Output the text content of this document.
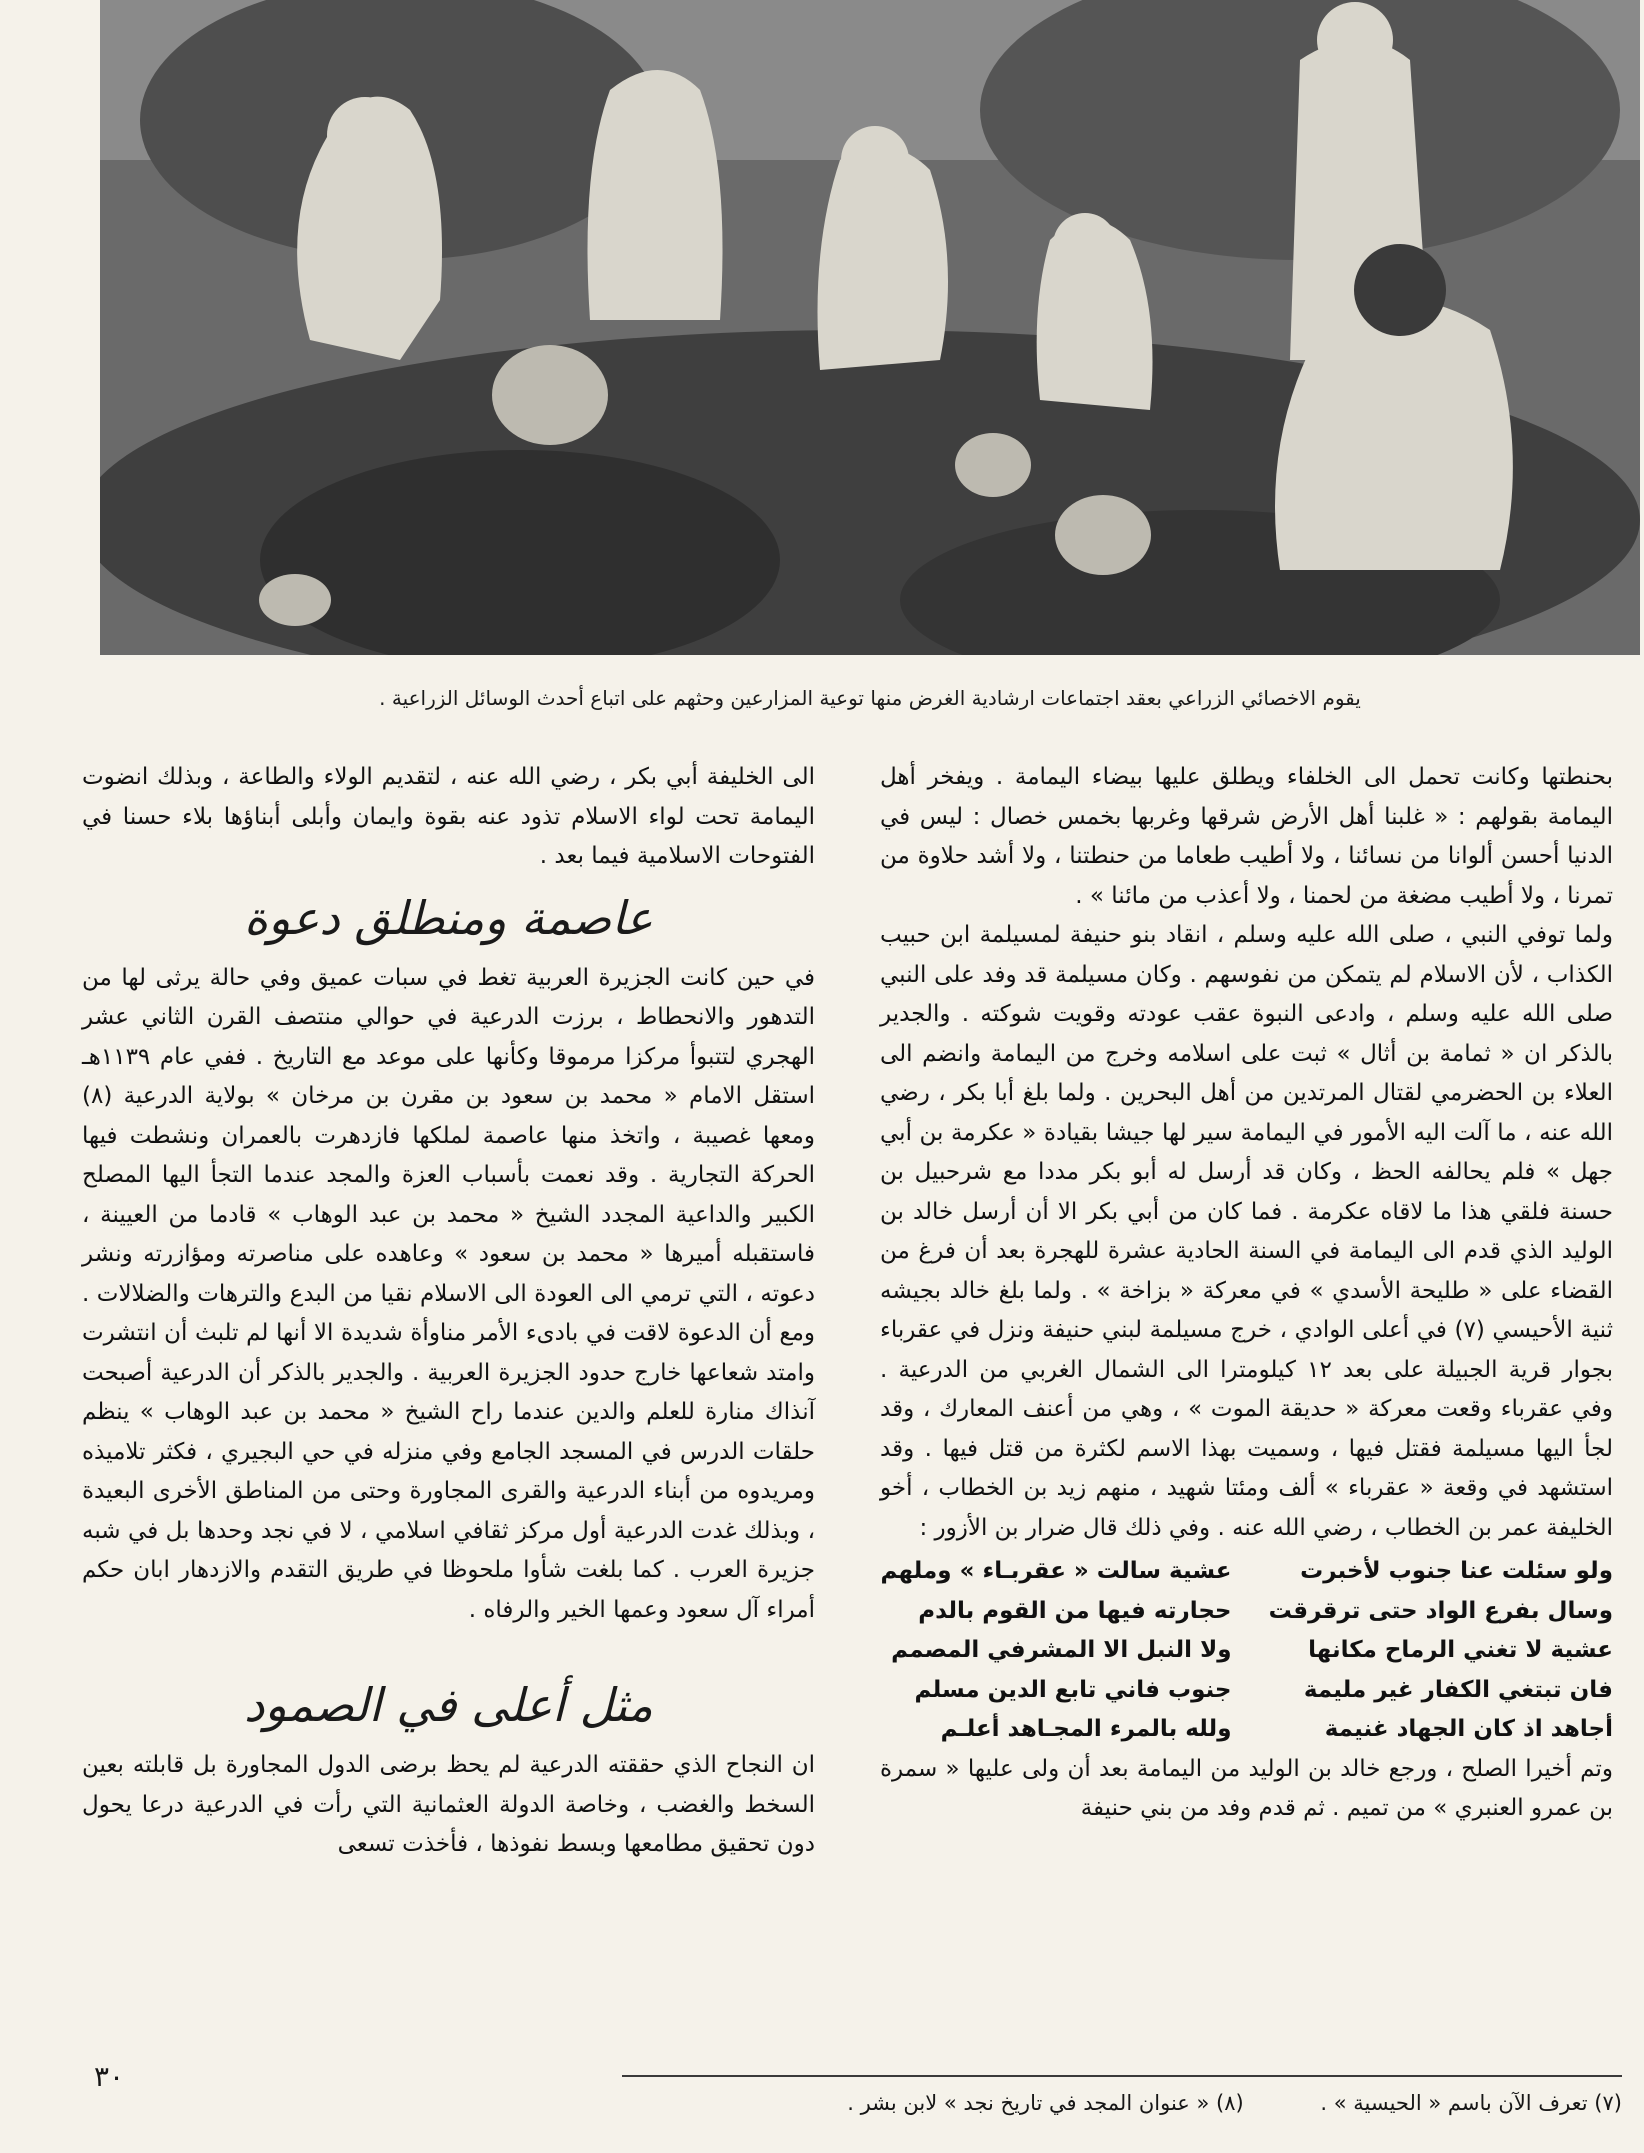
يقوم الاخصائي الزراعي بعقد اجتماعات ارشادية الغرض منها توعية المزارعين وحثهم على اتباع أحدث الوسائل الزراعية .

بحنطتها وكانت تحمل الى الخلفاء ويطلق عليها بيضاء اليمامة . ويفخر أهل اليمامة بقولهم : « غلبنا أهل الأرض شرقها وغربها بخمس خصال : ليس في الدنيا أحسن ألوانا من نسائنا ، ولا أطيب طعاما من حنطتنا ، ولا أشد حلاوة من تمرنا ، ولا أطيب مضغة من لحمنا ، ولا أعذب من مائنا » .

ولما توفي النبي ، صلى الله عليه وسلم ، انقاد بنو حنيفة لمسيلمة ابن حبيب الكذاب ، لأن الاسلام لم يتمكن من نفوسهم . وكان مسيلمة قد وفد على النبي صلى الله عليه وسلم ، وادعى النبوة عقب عودته وقويت شوكته . والجدير بالذكر ان « ثمامة بن أثال » ثبت على اسلامه وخرج من اليمامة وانضم الى العلاء بن الحضرمي لقتال المرتدين من أهل البحرين . ولما بلغ أبا بكر ، رضي الله عنه ، ما آلت اليه الأمور في اليمامة سير لها جيشا بقيادة « عكرمة بن أبي جهل » فلم يحالفه الحظ ، وكان قد أرسل له أبو بكر مددا مع شرحبيل بن حسنة فلقي هذا ما لاقاه عكرمة . فما كان من أبي بكر الا أن أرسل خالد بن الوليد الذي قدم الى اليمامة في السنة الحادية عشرة للهجرة بعد أن فرغ من القضاء على « طليحة الأسدي » في معركة « بزاخة » . ولما بلغ خالد بجيشه ثنية الأحيسي (٧) في أعلى الوادي ، خرج مسيلمة لبني حنيفة ونزل في عقرباء بجوار قرية الجبيلة على بعد ١٢ كيلومترا الى الشمال الغربي من الدرعية . وفي عقرباء وقعت معركة « حديقة الموت » ، وهي من أعنف المعارك ، وقد لجأ اليها مسيلمة فقتل فيها ، وسميت بهذا الاسم لكثرة من قتل فيها . وقد استشهد في وقعة « عقرباء » ألف ومئتا شهيد ، منهم زيد بن الخطاب ، أخو الخليفة عمر بن الخطاب ، رضي الله عنه . وفي ذلك قال ضرار بن الأزور :

ولو سئلت عنا جنوب لأخبرت
عشية سالت « عقربـاء » وملهم
وسال بفرع الواد حتى ترقرقت
حجارته فيها من القوم بالدم
عشية لا تغني الرماح مكانها
ولا النبل الا المشرفي المصمم
فان تبتغي الكفار غير مليمة
جنوب فاني تابع الدين مسلم
أجاهد اذ كان الجهاد غنيمة
ولله بالمرء المجـاهد أعلـم

وتم أخيرا الصلح ، ورجع خالد بن الوليد من اليمامة بعد أن ولى عليها « سمرة بن عمرو العنبري » من تميم . ثم قدم وفد من بني حنيفة

الى الخليفة أبي بكر ، رضي الله عنه ، لتقديم الولاء والطاعة ، وبذلك انضوت اليمامة تحت لواء الاسلام تذود عنه بقوة وايمان وأبلى أبناؤها بلاء حسنا في الفتوحات الاسلامية فيما بعد .

عاصمة ومنطلق دعوة

في حين كانت الجزيرة العربية تغط في سبات عميق وفي حالة يرثى لها من التدهور والانحطاط ، برزت الدرعية في حوالي منتصف القرن الثاني عشر الهجري لتتبوأ مركزا مرموقا وكأنها على موعد مع التاريخ . ففي عام ١١٣٩هـ استقل الامام « محمد بن سعود بن مقرن بن مرخان » بولاية الدرعية (٨) ومعها غصيبة ، واتخذ منها عاصمة لملكها فازدهرت بالعمران ونشطت فيها الحركة التجارية . وقد نعمت بأسباب العزة والمجد عندما التجأ اليها المصلح الكبير والداعية المجدد الشيخ « محمد بن عبد الوهاب » قادما من العيينة ، فاستقبله أميرها « محمد بن سعود » وعاهده على مناصرته ومؤازرته ونشر دعوته ، التي ترمي الى العودة الى الاسلام نقيا من البدع والترهات والضلالات . ومع أن الدعوة لاقت في بادىء الأمر مناوأة شديدة الا أنها لم تلبث أن انتشرت وامتد شعاعها خارج حدود الجزيرة العربية . والجدير بالذكر أن الدرعية أصبحت آنذاك منارة للعلم والدين عندما راح الشيخ « محمد بن عبد الوهاب » ينظم حلقات الدرس في المسجد الجامع وفي منزله في حي البجيري ، فكثر تلاميذه ومريدوه من أبناء الدرعية والقرى المجاورة وحتى من المناطق الأخرى البعيدة ، وبذلك غدت الدرعية أول مركز ثقافي اسلامي ، لا في نجد وحدها بل في شبه جزيرة العرب . كما بلغت شأوا ملحوظا في طريق التقدم والازدهار ابان حكم أمراء آل سعود وعمها الخير والرفاه .

مثل أعلى في الصمود

ان النجاح الذي حققته الدرعية لم يحظ برضى الدول المجاورة بل قابلته بعين السخط والغضب ، وخاصة الدولة العثمانية التي رأت في الدرعية درعا يحول دون تحقيق مطامعها وبسط نفوذها ، فأخذت تسعى

٣٠
(٧) تعرف الآن باسم « الحيسية » . (٨) « عنوان المجد في تاريخ نجد » لابن بشر .
